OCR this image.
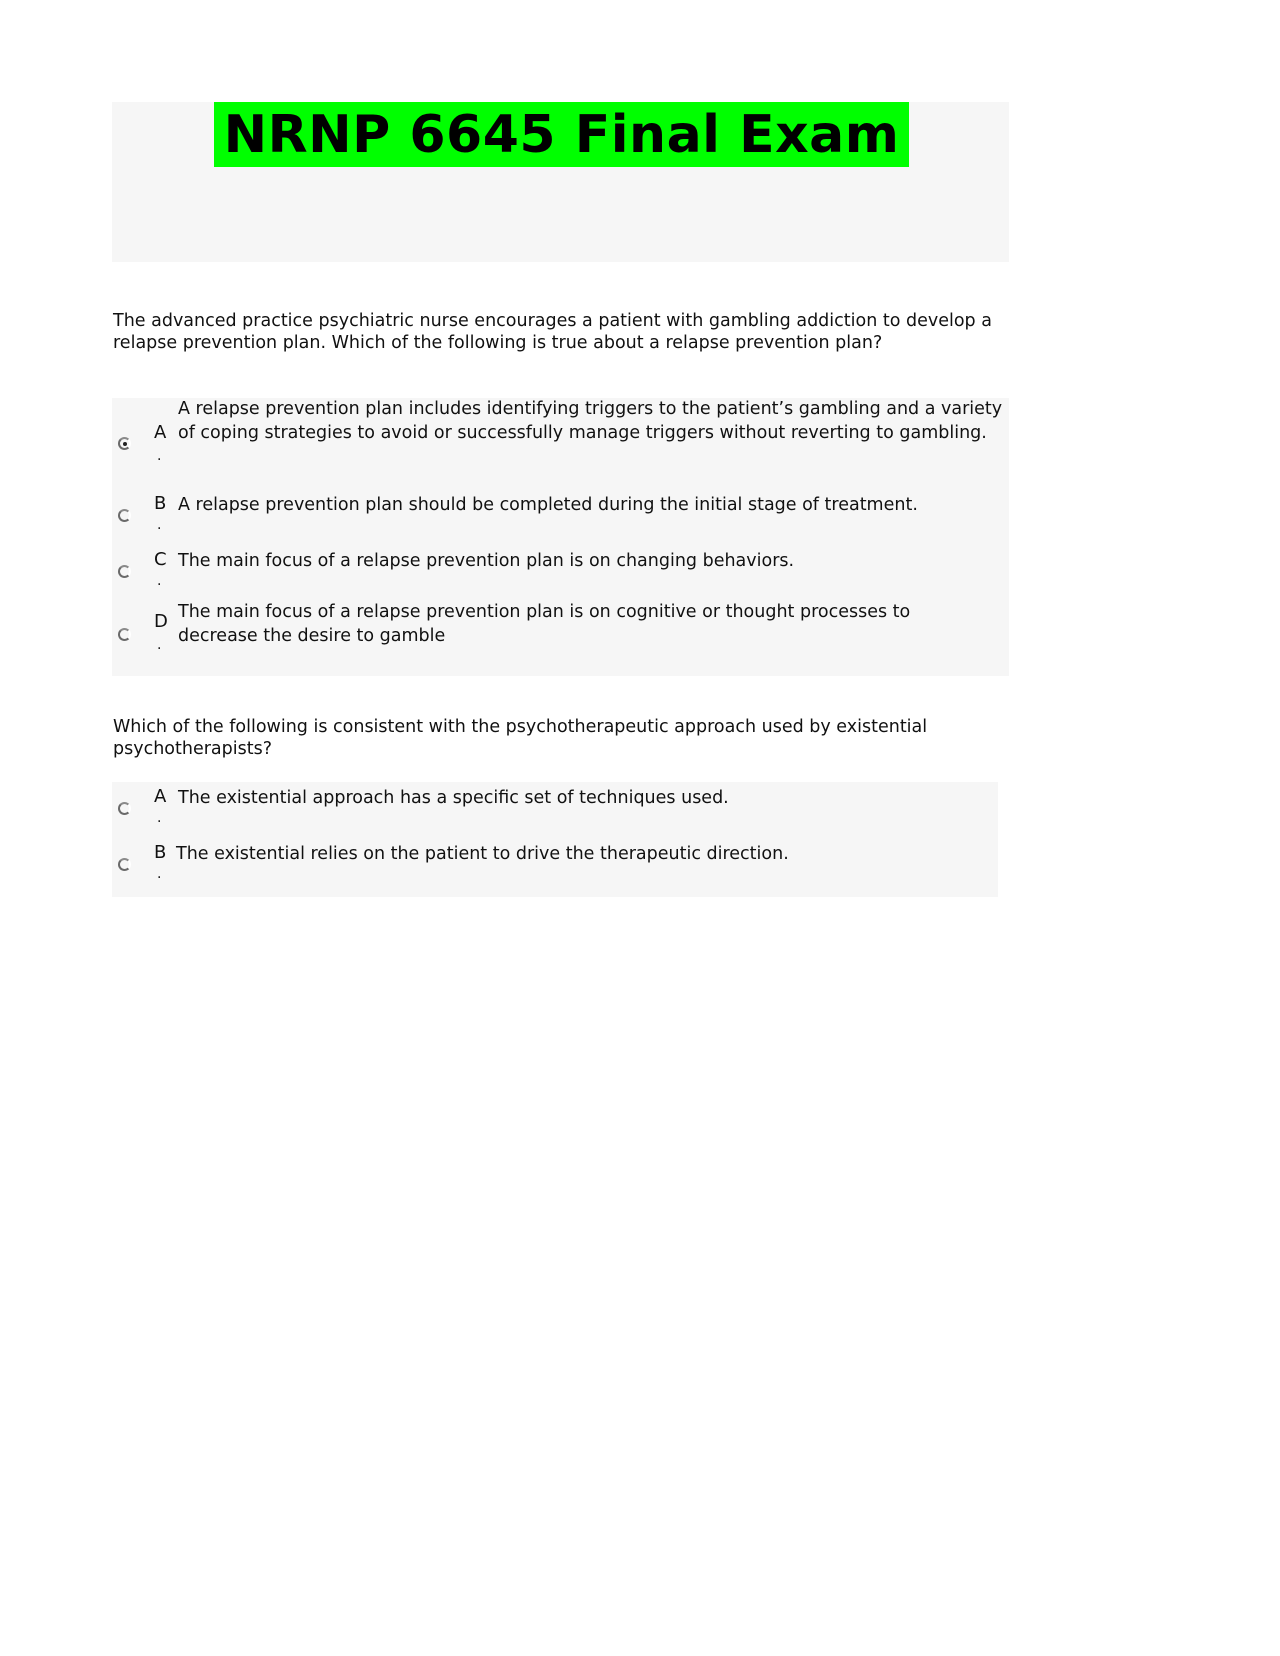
NRNP 6645 Final Exam
The advanced practice psychiatric nurse encourages a patient with gambling addiction to develop a relapse prevention plan. Which of the following is true about a relapse prevention plan?
A
.
A relapse prevention plan includes identifying triggers to the patient’s gambling and a variety of coping strategies to avoid or successfully manage triggers without reverting to gambling.
B
.
A relapse prevention plan should be completed during the initial stage of treatment.
C
.
The main focus of a relapse prevention plan is on changing behaviors.
D
.
The main focus of a relapse prevention plan is on cognitive or thought processes to decrease the desire to gamble
Which of the following is consistent with the psychotherapeutic approach used by existential psychotherapists?
A
.
The existential approach has a specific set of techniques used.
B
.
The existential relies on the patient to drive the therapeutic direction.
